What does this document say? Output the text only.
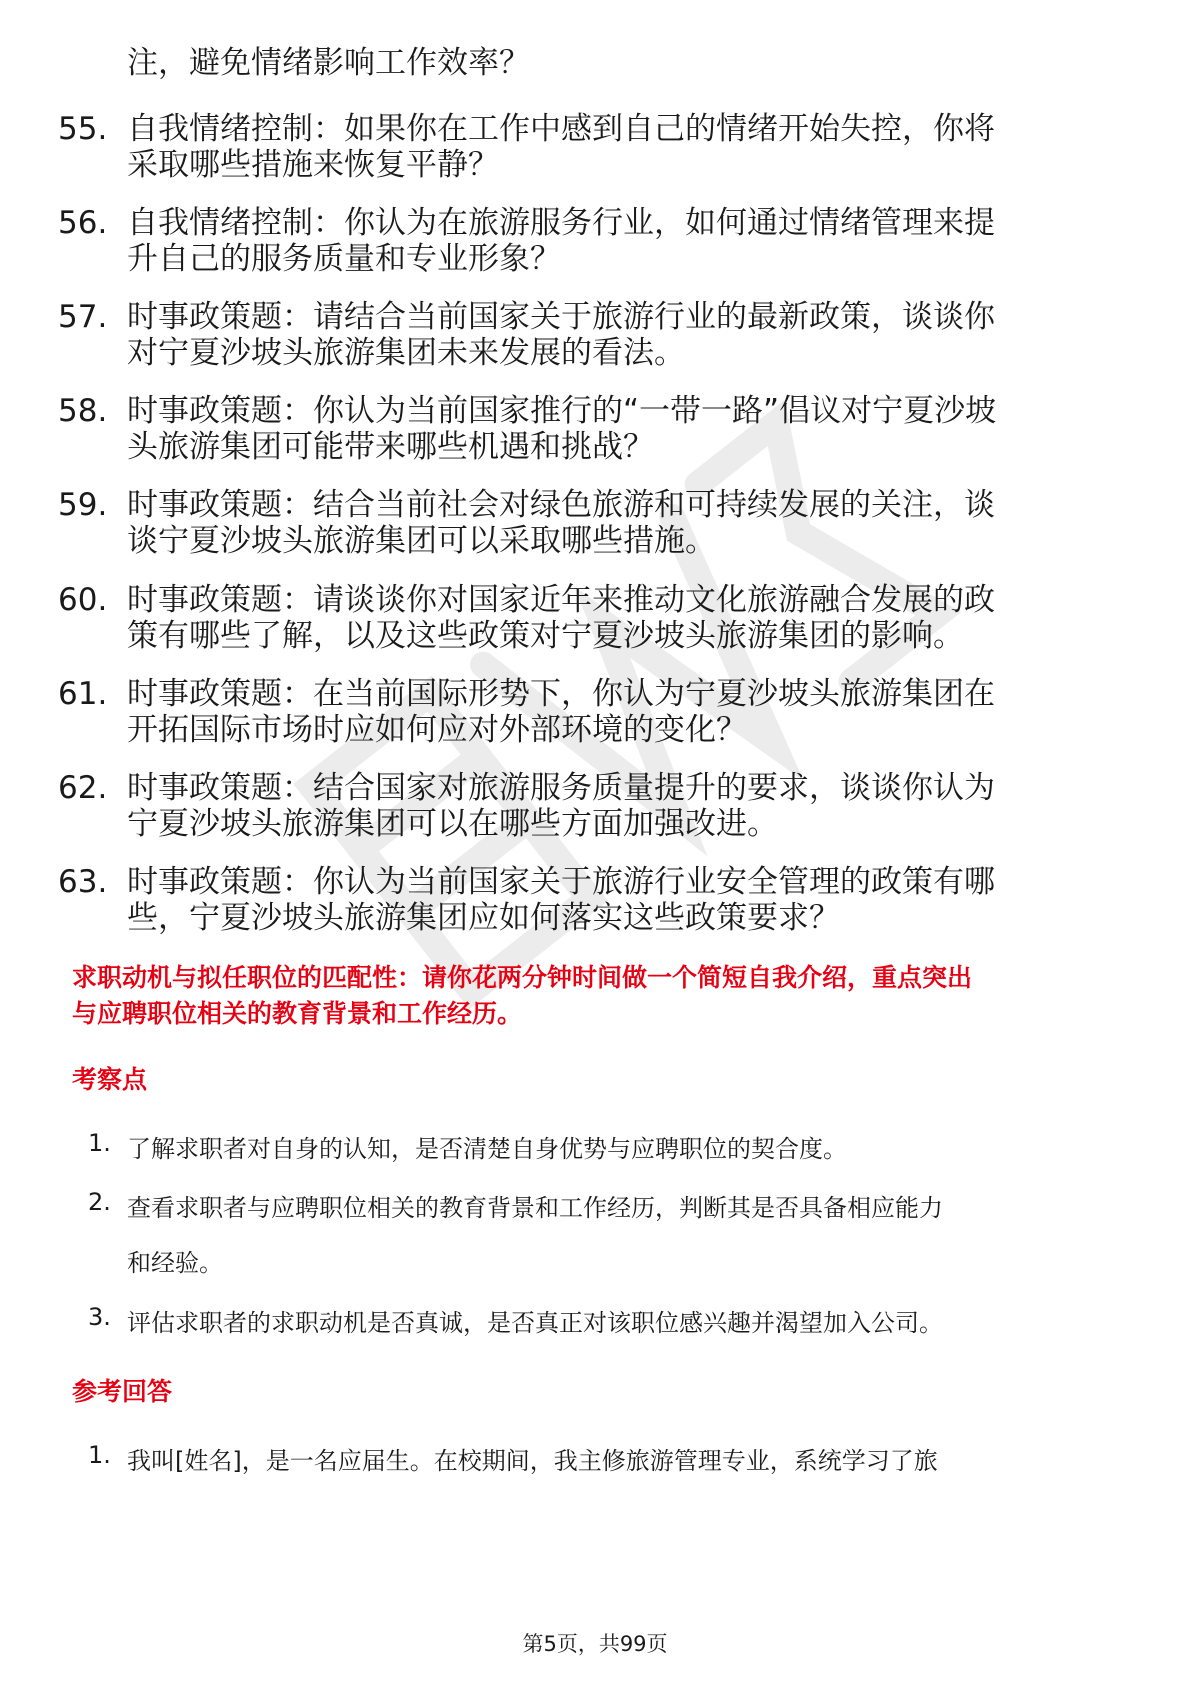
注，避免情绪影响工作效率？
55. 自我情绪控制：如果你在工作中感到自己的情绪开始失控，你将
采取哪些措施来恢复平静？
56. 自我情绪控制：你认为在旅游服务行业，如何通过情绪管理来提
升自己的服务质量和专业形象？
57. 时事政策题：请结合当前国家关于旅游行业的最新政策，谈谈你
对宁夏沙坡头旅游集团未来发展的看法。
58. 时事政策题：你认为当前国家推行的“一带一路”倡议对宁夏沙坡
头旅游集团可能带来哪些机遇和挑战？
59. 时事政策题：结合当前社会对绿色旅游和可持续发展的关注，谈
谈宁夏沙坡头旅游集团可以采取哪些措施。
60. 时事政策题：请谈谈你对国家近年来推动文化旅游融合发展的政
策有哪些了解，以及这些政策对宁夏沙坡头旅游集团的影响。
61. 时事政策题：在当前国际形势下，你认为宁夏沙坡头旅游集团在
开拓国际市场时应如何应对外部环境的变化？
62. 时事政策题：结合国家对旅游服务质量提升的要求，谈谈你认为
宁夏沙坡头旅游集团可以在哪些方面加强改进。
63. 时事政策题：你认为当前国家关于旅游行业安全管理的政策有哪
些，宁夏沙坡头旅游集团应如何落实这些政策要求？
求职动机与拟任职位的匹配性：请你花两分钟时间做一个简短自我介绍，重点突出
与应聘职位相关的教育背景和工作经历。
考察点
1. 了解求职者对自身的认知，是否清楚自身优势与应聘职位的契合度。
2. 查看求职者与应聘职位相关的教育背景和工作经历，判断其是否具备相应能力
和经验。
3. 评估求职者的求职动机是否真诚，是否真正对该职位感兴趣并渴望加入公司。
参考回答
1. 我叫[姓名]，是一名应届生。在校期间，我主修旅游管理专业，系统学习了旅
第5页，共99页
